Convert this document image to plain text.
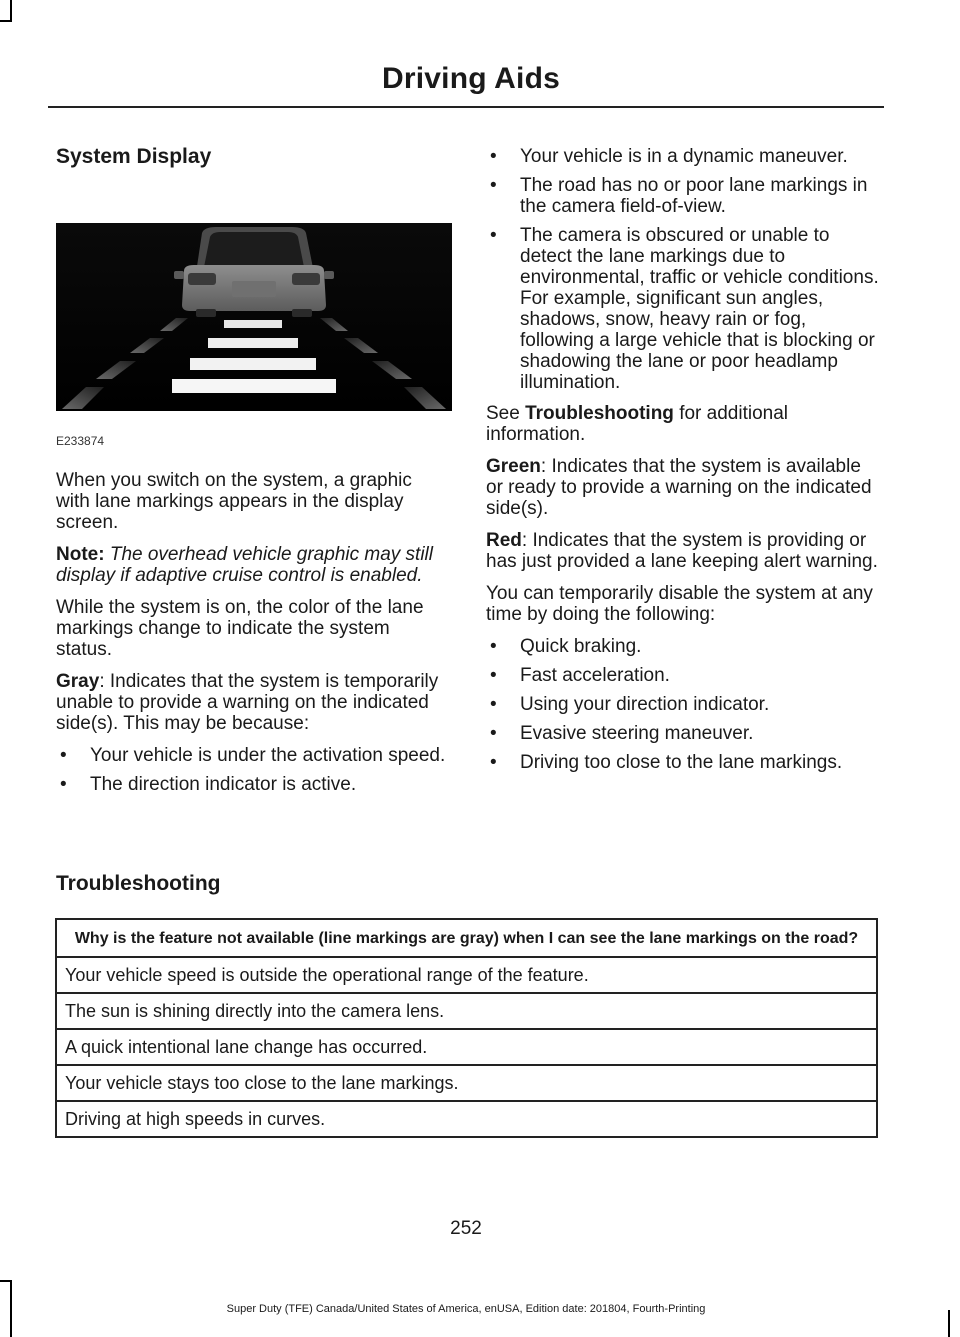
Driving Aids
System Display
E233874

When you switch on the system, a graphic with lane markings appears in the display screen.

Note: The overhead vehicle graphic may still display if adaptive cruise control is enabled.

While the system is on, the color of the lane markings change to indicate the system status.

Gray: Indicates that the system is temporarily unable to provide a warning on the indicated side(s). This may be because:

• Your vehicle is under the activation speed.
• The direction indicator is active.
• Your vehicle is in a dynamic maneuver.
• The road has no or poor lane markings in the camera field-of-view.
• The camera is obscured or unable to detect the lane markings due to environmental, traffic or vehicle conditions. For example, significant sun angles, shadows, snow, heavy rain or fog, following a large vehicle that is blocking or shadowing the lane or poor headlamp illumination.

See Troubleshooting for additional information.

Green: Indicates that the system is available or ready to provide a warning on the indicated side(s).

Red: Indicates that the system is providing or has just provided a lane keeping alert warning.

You can temporarily disable the system at any time by doing the following:

• Quick braking.
• Fast acceleration.
• Using your direction indicator.
• Evasive steering maneuver.
• Driving too close to the lane markings.
Troubleshooting
Why is the feature not available (line markings are gray) when I can see the lane markings on the road?
Your vehicle speed is outside the operational range of the feature.
The sun is shining directly into the camera lens.
A quick intentional lane change has occurred.
Your vehicle stays too close to the lane markings.
Driving at high speeds in curves.
252
Super Duty (TFE) Canada/United States of America, enUSA, Edition date: 201804, Fourth-Printing
